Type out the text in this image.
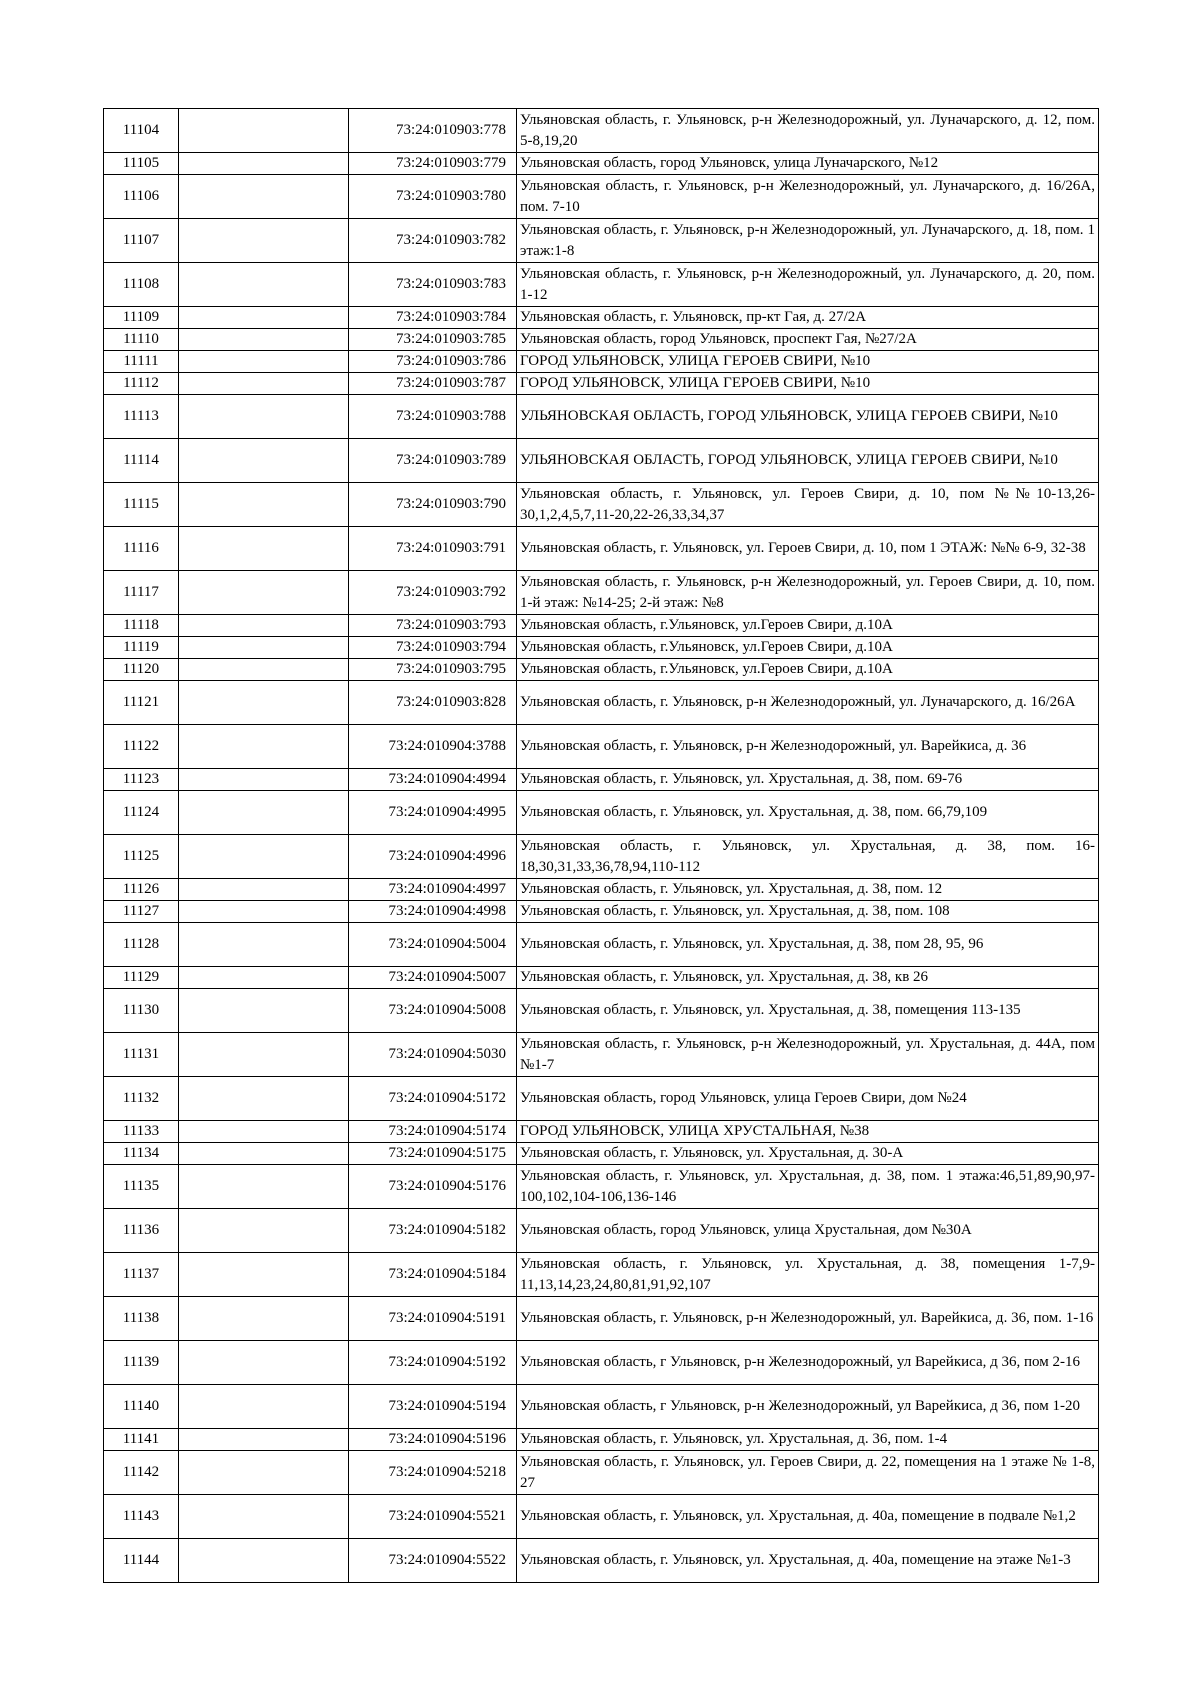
11104		73:24:010903:778	Ульяновская область, г. Ульяновск, р-н Железнодорожный, ул. Луначарского, д. 12, пом. 5-8,19,20
11105		73:24:010903:779	Ульяновская область, город Ульяновск, улица Луначарского, №12
11106		73:24:010903:780	Ульяновская область, г. Ульяновск, р-н Железнодорожный, ул. Луначарского, д. 16/26А, пом. 7-10
11107		73:24:010903:782	Ульяновская область, г. Ульяновск, р-н Железнодорожный, ул. Луначарского, д. 18, пом. 1 этаж:1-8
11108		73:24:010903:783	Ульяновская область, г. Ульяновск, р-н Железнодорожный, ул. Луначарского, д. 20, пом. 1-12
11109		73:24:010903:784	Ульяновская область, г. Ульяновск, пр-кт Гая, д. 27/2А
11110		73:24:010903:785	Ульяновская область, город Ульяновск, проспект Гая, №27/2А
11111		73:24:010903:786	ГОРОД УЛЬЯНОВСК, УЛИЦА ГЕРОЕВ СВИРИ, №10
11112		73:24:010903:787	ГОРОД УЛЬЯНОВСК, УЛИЦА ГЕРОЕВ СВИРИ, №10
11113		73:24:010903:788	УЛЬЯНОВСКАЯ ОБЛАСТЬ, ГОРОД УЛЬЯНОВСК, УЛИЦА ГЕРОЕВ СВИРИ, №10
11114		73:24:010903:789	УЛЬЯНОВСКАЯ ОБЛАСТЬ, ГОРОД УЛЬЯНОВСК, УЛИЦА ГЕРОЕВ СВИРИ, №10
11115		73:24:010903:790	Ульяновская область, г. Ульяновск, ул. Героев Свири, д. 10, пом №№10-13,26-30,1,2,4,5,7,11-20,22-26,33,34,37
11116		73:24:010903:791	Ульяновская область, г. Ульяновск, ул. Героев Свири, д. 10, пом 1 ЭТАЖ: №№ 6-9, 32-38
11117		73:24:010903:792	Ульяновская область, г. Ульяновск, р-н Железнодорожный, ул. Героев Свири, д. 10, пом. 1-й этаж: №14-25; 2-й этаж: №8
11118		73:24:010903:793	Ульяновская область, г.Ульяновск, ул.Героев Свири, д.10А
11119		73:24:010903:794	Ульяновская область, г.Ульяновск, ул.Героев Свири, д.10А
11120		73:24:010903:795	Ульяновская область, г.Ульяновск, ул.Героев Свири, д.10А
11121		73:24:010903:828	Ульяновская область, г. Ульяновск, р-н Железнодорожный, ул. Луначарского, д. 16/26А
11122		73:24:010904:3788	Ульяновская область, г. Ульяновск, р-н Железнодорожный, ул. Варейкиса, д. 36
11123		73:24:010904:4994	Ульяновская область, г. Ульяновск, ул. Хрустальная, д. 38, пом. 69-76
11124		73:24:010904:4995	Ульяновская область, г. Ульяновск, ул. Хрустальная, д. 38, пом. 66,79,109
11125		73:24:010904:4996	Ульяновская область, г. Ульяновск, ул. Хрустальная, д. 38, пом. 16-18,30,31,33,36,78,94,110-112
11126		73:24:010904:4997	Ульяновская область, г. Ульяновск, ул. Хрустальная, д. 38, пом. 12
11127		73:24:010904:4998	Ульяновская область, г. Ульяновск, ул. Хрустальная, д. 38, пом. 108
11128		73:24:010904:5004	Ульяновская область, г. Ульяновск, ул. Хрустальная, д. 38, пом 28, 95, 96
11129		73:24:010904:5007	Ульяновская область, г. Ульяновск, ул. Хрустальная, д. 38, кв 26
11130		73:24:010904:5008	Ульяновская область, г. Ульяновск, ул. Хрустальная, д. 38, помещения 113-135
11131		73:24:010904:5030	Ульяновская область, г. Ульяновск, р-н Железнодорожный, ул. Хрустальная, д. 44А, пом №1-7
11132		73:24:010904:5172	Ульяновская область, город Ульяновск, улица Героев Свири, дом №24
11133		73:24:010904:5174	ГОРОД УЛЬЯНОВСК, УЛИЦА ХРУСТАЛЬНАЯ, №38
11134		73:24:010904:5175	Ульяновская область, г. Ульяновск, ул. Хрустальная, д. 30-А
11135		73:24:010904:5176	Ульяновская область, г. Ульяновск, ул. Хрустальная, д. 38, пом. 1 этажа:46,51,89,90,97-100,102,104-106,136-146
11136		73:24:010904:5182	Ульяновская область, город Ульяновск, улица Хрустальная, дом №30А
11137		73:24:010904:5184	Ульяновская область, г. Ульяновск, ул. Хрустальная, д. 38, помещения 1-7,9-11,13,14,23,24,80,81,91,92,107
11138		73:24:010904:5191	Ульяновская область, г. Ульяновск, р-н Железнодорожный, ул. Варейкиса, д. 36, пом. 1-16
11139		73:24:010904:5192	Ульяновская область, г Ульяновск, р-н Железнодорожный, ул Варейкиса, д 36, пом 2-16
11140		73:24:010904:5194	Ульяновская область, г Ульяновск, р-н Железнодорожный, ул Варейкиса, д 36, пом 1-20
11141		73:24:010904:5196	Ульяновская область, г. Ульяновск, ул. Хрустальная, д. 36, пом. 1-4
11142		73:24:010904:5218	Ульяновская область, г. Ульяновск, ул. Героев Свири, д. 22, помещения на 1 этаже № 1-8, 27
11143		73:24:010904:5521	Ульяновская область, г. Ульяновск, ул. Хрустальная, д. 40а, помещение в подвале №1,2
11144		73:24:010904:5522	Ульяновская область, г. Ульяновск, ул. Хрустальная, д. 40а, помещение на этаже №1-3
